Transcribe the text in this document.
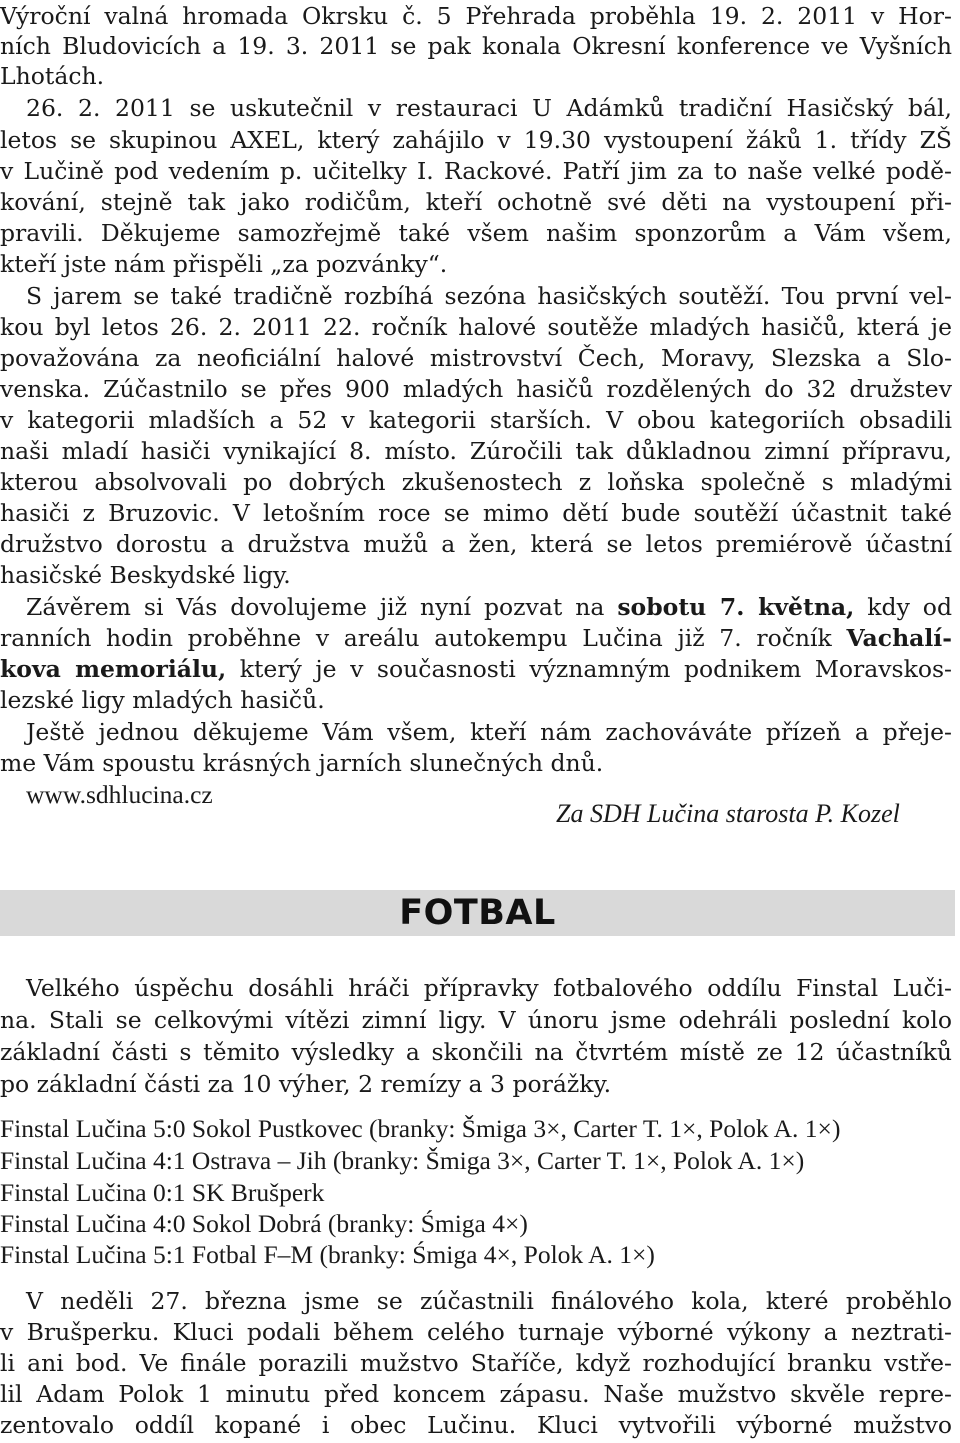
Výroční valná hromada Okrsku č. 5 Přehrada proběhla 19. 2. 2011 v Hor-
ních Bludovicích a 19. 3. 2011 se pak konala Okresní konference ve Vyšních
Lhotách.
26. 2. 2011 se uskutečnil v restauraci U Adámků tradiční Hasičský bál,
letos se skupinou AXEL, který zahájilo v 19.30 vystoupení žáků 1. třídy ZŠ
v Lučině pod vedením p. učitelky I. Rackové. Patří jim za to naše velké podě-
kování, stejně tak jako rodičům, kteří ochotně své děti na vystoupení při-
pravili. Děkujeme samozřejmě také všem našim sponzorům a Vám všem,
kteří jste nám přispěli „za pozvánky“.
S jarem se také tradičně rozbíhá sezóna hasičských soutěží. Tou první vel-
kou byl letos 26. 2. 2011 22. ročník halové soutěže mladých hasičů, která je
považována za neoficiální halové mistrovství Čech, Moravy, Slezska a Slo-
venska. Zúčastnilo se přes 900 mladých hasičů rozdělených do 32 družstev
v kategorii mladších a 52 v kategorii starších. V obou kategoriích obsadili
naši mladí hasiči vynikající 8. místo. Zúročili tak důkladnou zimní přípravu,
kterou absolvovali po dobrých zkušenostech z loňska společně s mladými
hasiči z Bruzovic. V letošním roce se mimo dětí bude soutěží účastnit také
družstvo dorostu a družstva mužů a žen, která se letos premiérově účastní
hasičské Beskydské ligy.
Závěrem si Vás dovolujeme již nyní pozvat na sobotu 7. května, kdy od
ranních hodin proběhne v areálu autokempu Lučina již 7. ročník Vachalí-
kova memoriálu, který je v současnosti významným podnikem Moravskos-
lezské ligy mladých hasičů.
Ještě jednou děkujeme Vám všem, kteří nám zachováváte přízeň a přeje-
me Vám spoustu krásných jarních slunečných dnů.
www.sdhlucina.cz
Za SDH Lučina starosta P. Kozel
FOTBAL
Velkého úspěchu dosáhli hráči přípravky fotbalového oddílu Finstal Luči-
na. Stali se celkovými vítězi zimní ligy. V únoru jsme odehráli poslední kolo
základní části s těmito výsledky a skončili na čtvrtém místě ze 12 účastníků
po základní části za 10 výher, 2 remízy a 3 porážky.
Finstal Lučina 5:0 Sokol Pustkovec (branky: Šmiga 3×, Carter T. 1×, Polok A. 1×)
Finstal Lučina 4:1 Ostrava – Jih (branky: Šmiga 3×, Carter T. 1×, Polok A. 1×)
Finstal Lučina 0:1 SK Brušperk
Finstal Lučina 4:0 Sokol Dobrá (branky: Śmiga 4×)
Finstal Lučina 5:1 Fotbal F–M (branky: Śmiga 4×, Polok A. 1×)
V neděli 27. března jsme se zúčastnili finálového kola, které proběhlo
v Brušperku. Kluci podali během celého turnaje výborné výkony a neztrati-
li ani bod. Ve finále porazili mužstvo Staříče, když rozhodující branku vstře-
lil Adam Polok 1 minutu před koncem zápasu. Naše mužstvo skvěle repre-
zentovalo oddíl kopané i obec Lučinu. Kluci vytvořili výborné mužstvo
